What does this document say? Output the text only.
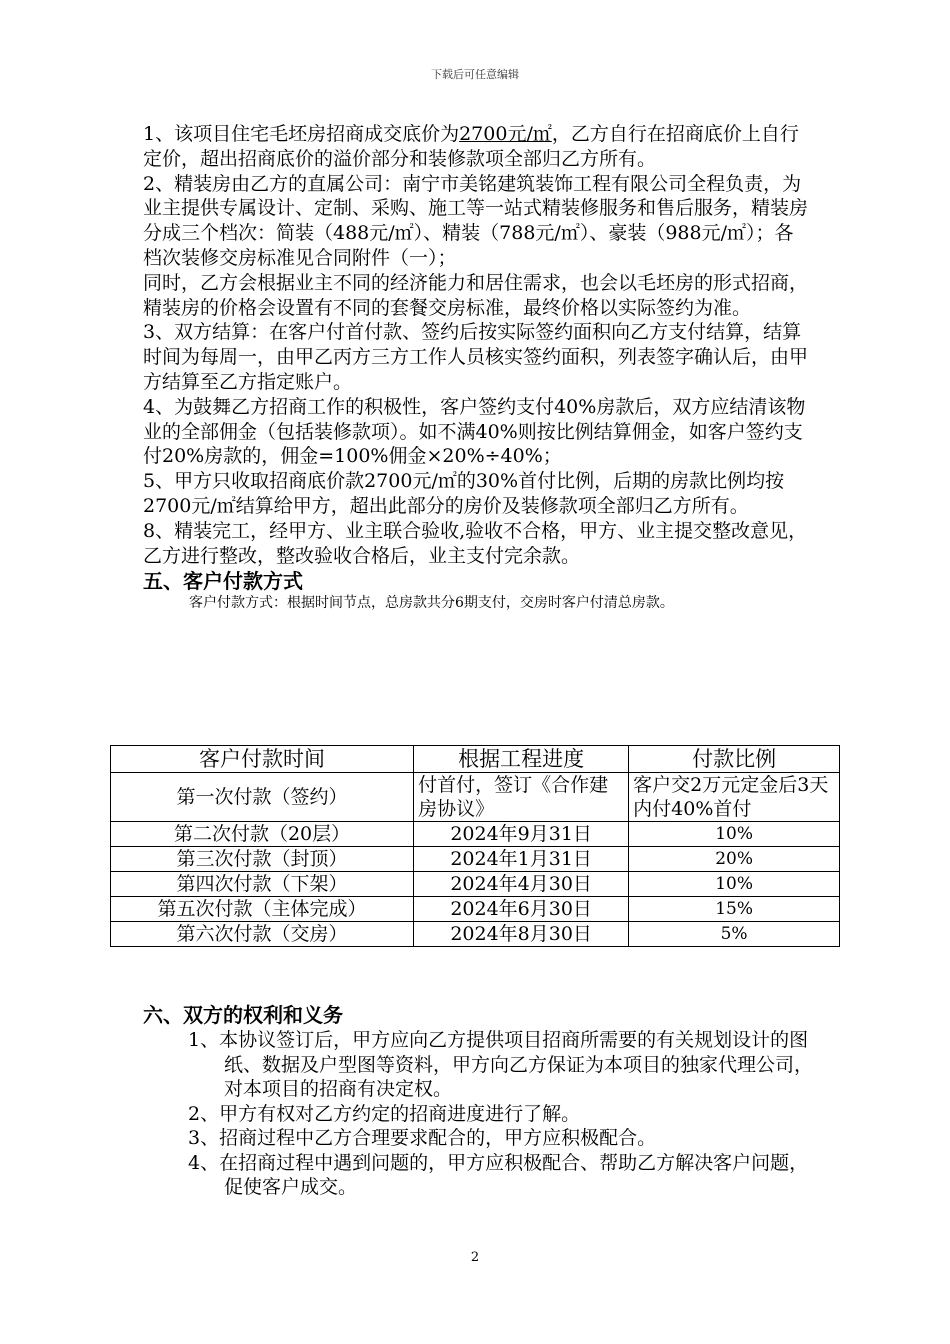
下载后可任意编辑

1、该项目住宅毛坯房招商成交底价为2700元/㎡，乙方自行在招商底价上自行定价，超出招商底价的溢价部分和装修款项全部归乙方所有。

2、精装房由乙方的直属公司：南宁市美铭建筑装饰工程有限公司全程负责，为业主提供专属设计、定制、采购、施工等一站式精装修服务和售后服务，精装房分成三个档次：简装（488元/㎡）、精装（788元/㎡）、豪装（988元/㎡）；各档次装修交房标准见合同附件（一）；

同时，乙方会根据业主不同的经济能力和居住需求，也会以毛坯房的形式招商，精装房的价格会设置有不同的套餐交房标准，最终价格以实际签约为准。

3、双方结算：在客户付首付款、签约后按实际签约面积向乙方支付结算，结算时间为每周一，由甲乙丙方三方工作人员核实签约面积，列表签字确认后，由甲方结算至乙方指定账户。

4、为鼓舞乙方招商工作的积极性，客户签约支付40%房款后，双方应结清该物业的全部佣金（包括装修款项）。如不满40%则按比例结算佣金，如客户签约支付20%房款的，佣金=100%佣金×20%÷40%；

5、甲方只收取招商底价款2700元/㎡的30%首付比例，后期的房款比例均按2700元/㎡结算给甲方，超出此部分的房价及装修款项全部归乙方所有。

8、精装完工，经甲方、业主联合验收,验收不合格，甲方、业主提交整改意见，乙方进行整改，整改验收合格后，业主支付完余款。

五、客户付款方式

客户付款方式：根据时间节点，总房款共分6期支付，交房时客户付清总房款。

客户付款时间	根据工程进度	付款比例
第一次付款（签约）	付首付，签订《合作建房协议》	客户交2万元定金后3天内付40%首付
第二次付款（20层）	2024年9月31日	10%
第三次付款（封顶）	2024年1月31日	20%
第四次付款（下架）	2024年4月30日	10%
第五次付款（主体完成）	2024年6月30日	15%
第六次付款（交房）	2024年8月30日	5%

六、双方的权利和义务

1、本协议签订后，甲方应向乙方提供项目招商所需要的有关规划设计的图纸、数据及户型图等资料，甲方向乙方保证为本项目的独家代理公司，对本项目的招商有决定权。
2、甲方有权对乙方约定的招商进度进行了解。
3、招商过程中乙方合理要求配合的，甲方应积极配合。
4、在招商过程中遇到问题的，甲方应积极配合、帮助乙方解决客户问题，促使客户成交。
2
